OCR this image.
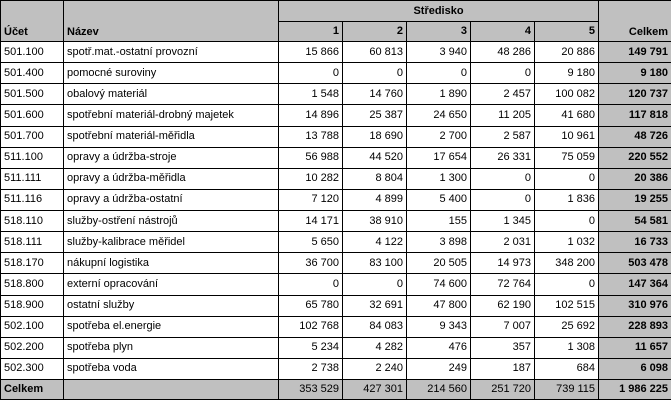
Účet	Název	Středisko					Celkem
		1	2	3	4	5	
501.100	spotř.mat.-ostatní provozní	15 866	60 813	3 940	48 286	20 886	149 791
501.400	pomocné suroviny	0	0	0	0	9 180	9 180
501.500	obalový materiál	1 548	14 760	1 890	2 457	100 082	120 737
501.600	spotřební materiál-drobný majetek	14 896	25 387	24 650	11 205	41 680	117 818
501.700	spotřební materiál-měřidla	13 788	18 690	2 700	2 587	10 961	48 726
511.100	opravy a údržba-stroje	56 988	44 520	17 654	26 331	75 059	220 552
511.111	opravy a údržba-měřidla	10 282	8 804	1 300	0	0	20 386
511.116	opravy a údržba-ostatní	7 120	4 899	5 400	0	1 836	19 255
518.110	služby-ostření nástrojů	14 171	38 910	155	1 345	0	54 581
518.111	služby-kalibrace měřidel	5 650	4 122	3 898	2 031	1 032	16 733
518.170	nákupní logistika	36 700	83 100	20 505	14 973	348 200	503 478
518.800	externí opracování	0	0	74 600	72 764	0	147 364
518.900	ostatní služby	65 780	32 691	47 800	62 190	102 515	310 976
502.100	spotřeba el.energie	102 768	84 083	9 343	7 007	25 692	228 893
502.200	spotřeba plyn	5 234	4 282	476	357	1 308	11 657
502.300	spotřeba voda	2 738	2 240	249	187	684	6 098
Celkem		353 529	427 301	214 560	251 720	739 115	1 986 225
